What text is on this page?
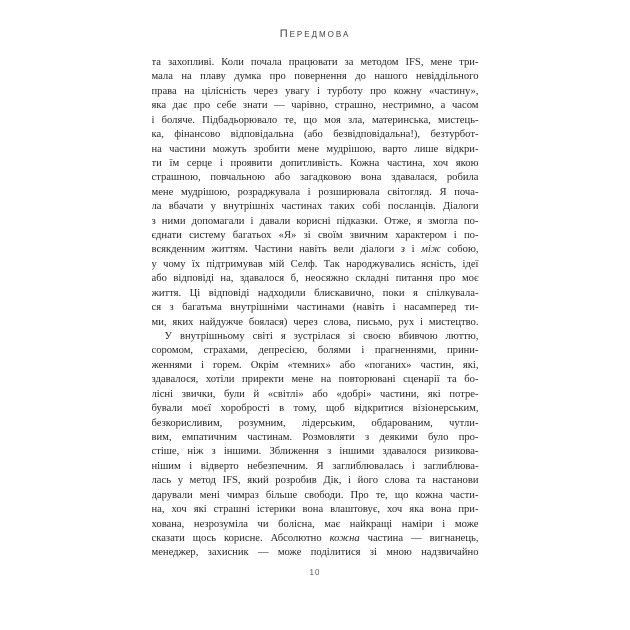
Передмова
та захопливі. Коли почала працювати за методом IFS, мене три-
мала на плаву думка про повернення до нашого невіддільного
права на цілісність через увагу і турботу про кожну «частину»,
яка дає про себе знати — чарівно, страшно, нестримно, а часом
і боляче. Підбадьорювало те, що моя зла, материнська, мистець-
ка, фінансово відповідальна (або безвідповідальна!), безтурбот-
на частини можуть зробити мене мудрішою, варто лише відкри-
ти їм серце і проявити допитливість. Кожна частина, хоч якою
страшною, повчальною або загадковою вона здавалася, робила
мене мудрішою, розраджувала і розширювала світогляд. Я поча-
ла вбачати у внутрішніх частинах таких собі посланців. Діалоги
з ними допомагали і давали корисні підказки. Отже, я змогла по-
єднати систему багатьох «Я» зі своїм звичним характером і по-
всякденним життям. Частини навіть вели діалоги з і між собою,
у чому їх підтримував мій Селф. Так народжувались ясність, ідеї
або відповіді на, здавалося б, неосяжно складні питання про моє
життя. Ці відповіді надходили блискавично, поки я спілкувала-
ся з багатьма внутрішніми частинами (навіть і насамперед ти-
ми, яких найдужче боялася) через слова, письмо, рух і мистецтво.
У внутрішньому світі я зустрілася зі своєю вбивчою люттю,
соромом, страхами, депресією, болями і прагненнями, прини-
женнями і горем. Окрім «темних» або «поганих» частин, які,
здавалося, хотіли приректи мене на повторювані сценарії та бо-
лісні звички, були й «світлі» або «добрі» частини, які потре-
бували моєї хоробрості в тому, щоб відкритися візіонерським,
безкорисливим, розумним, лідерським, обдарованим, чутли-
вим, емпатичним частинам. Розмовляти з деякими було про-
стіше, ніж з іншими. Зближення з іншими здавалося ризикова-
нішим і відверто небезпечним. Я заглиблювалась і заглиблюва-
лась у метод IFS, який розробив Дік, і його слова та настанови
дарували мені чимраз більше свободи. Про те, що кожна части-
на, хоч які страшні істерики вона влаштовує, хоч яка вона при-
хована, незрозуміла чи болісна, має найкращі наміри і може
сказати щось корисне. Абсолютно кожна частина — вигнанець,
менеджер, захисник — може поділитися зі мною надзвичайно
10
